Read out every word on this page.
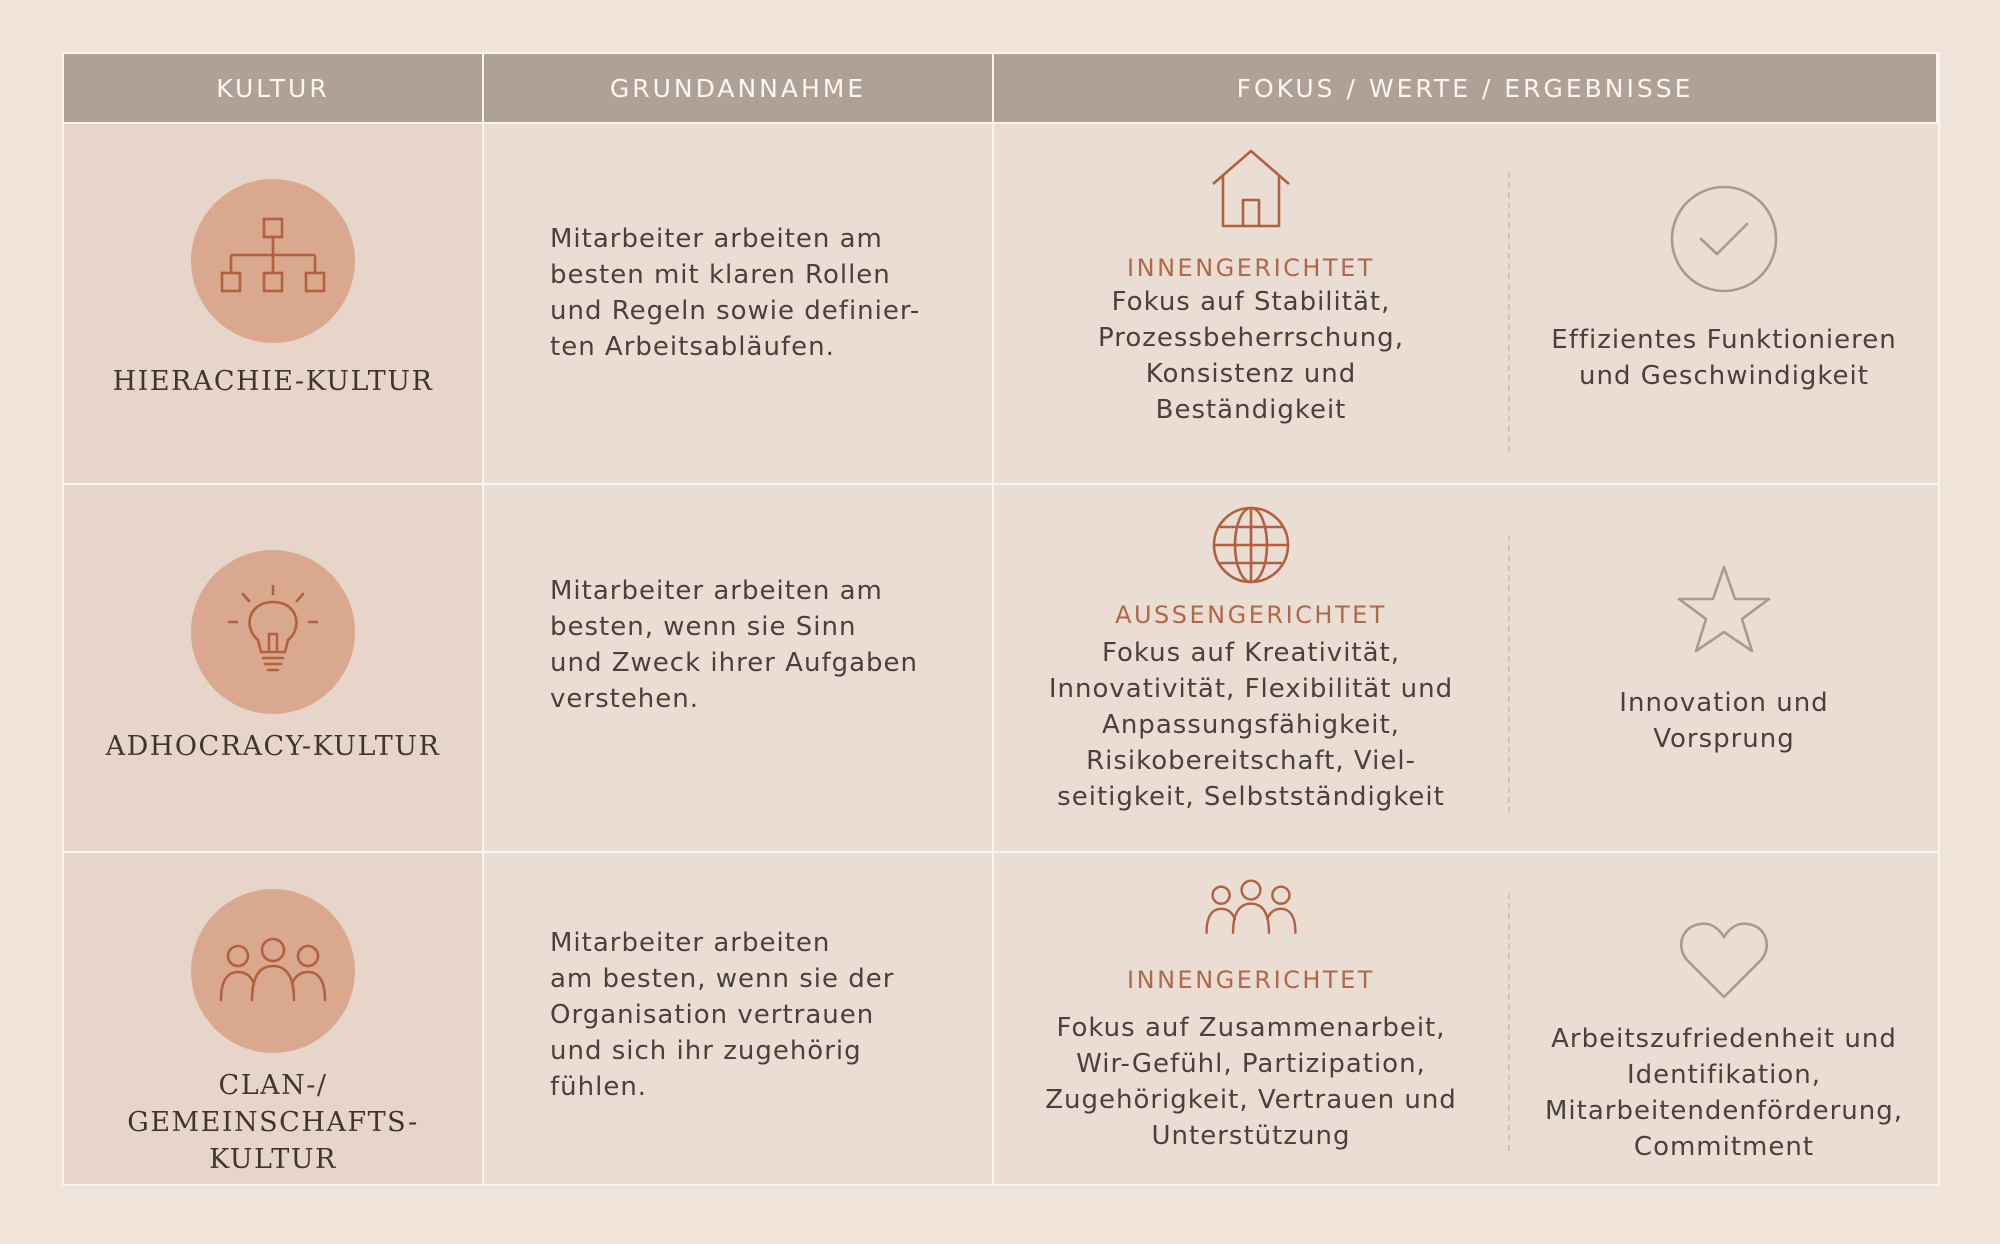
KULTUR	GRUNDANNAHME	FOKUS / WERTE / ERGEBNISSE
HIERACHIE-KULTUR
Mitarbeiter arbeiten am
besten mit klaren Rollen
und Regeln sowie definier-
ten Arbeitsabläufen.
INNENGERICHTET
Fokus auf Stabilität,
Prozessbeherrschung,
Konsistenz und
Beständigkeit
Effizientes Funktionieren
und Geschwindigkeit
ADHOCRACY-KULTUR
Mitarbeiter arbeiten am
besten, wenn sie Sinn
und Zweck ihrer Aufgaben
verstehen.
AUSSENGERICHTET
Fokus auf Kreativität,
Innovativität, Flexibilität und
Anpassungsfähigkeit,
Risikobereitschaft, Viel-
seitigkeit, Selbstständigkeit
Innovation und
Vorsprung
CLAN-/
GEMEINSCHAFTS-KULTUR
Mitarbeiter arbeiten
am besten, wenn sie der
Organisation vertrauen
und sich ihr zugehörig
fühlen.
INNENGERICHTET
Fokus auf Zusammenarbeit,
Wir-Gefühl, Partizipation,
Zugehörigkeit, Vertrauen und
Unterstützung
Arbeitszufriedenheit und
Identifikation,
Mitarbeitendenförderung,
Commitment
